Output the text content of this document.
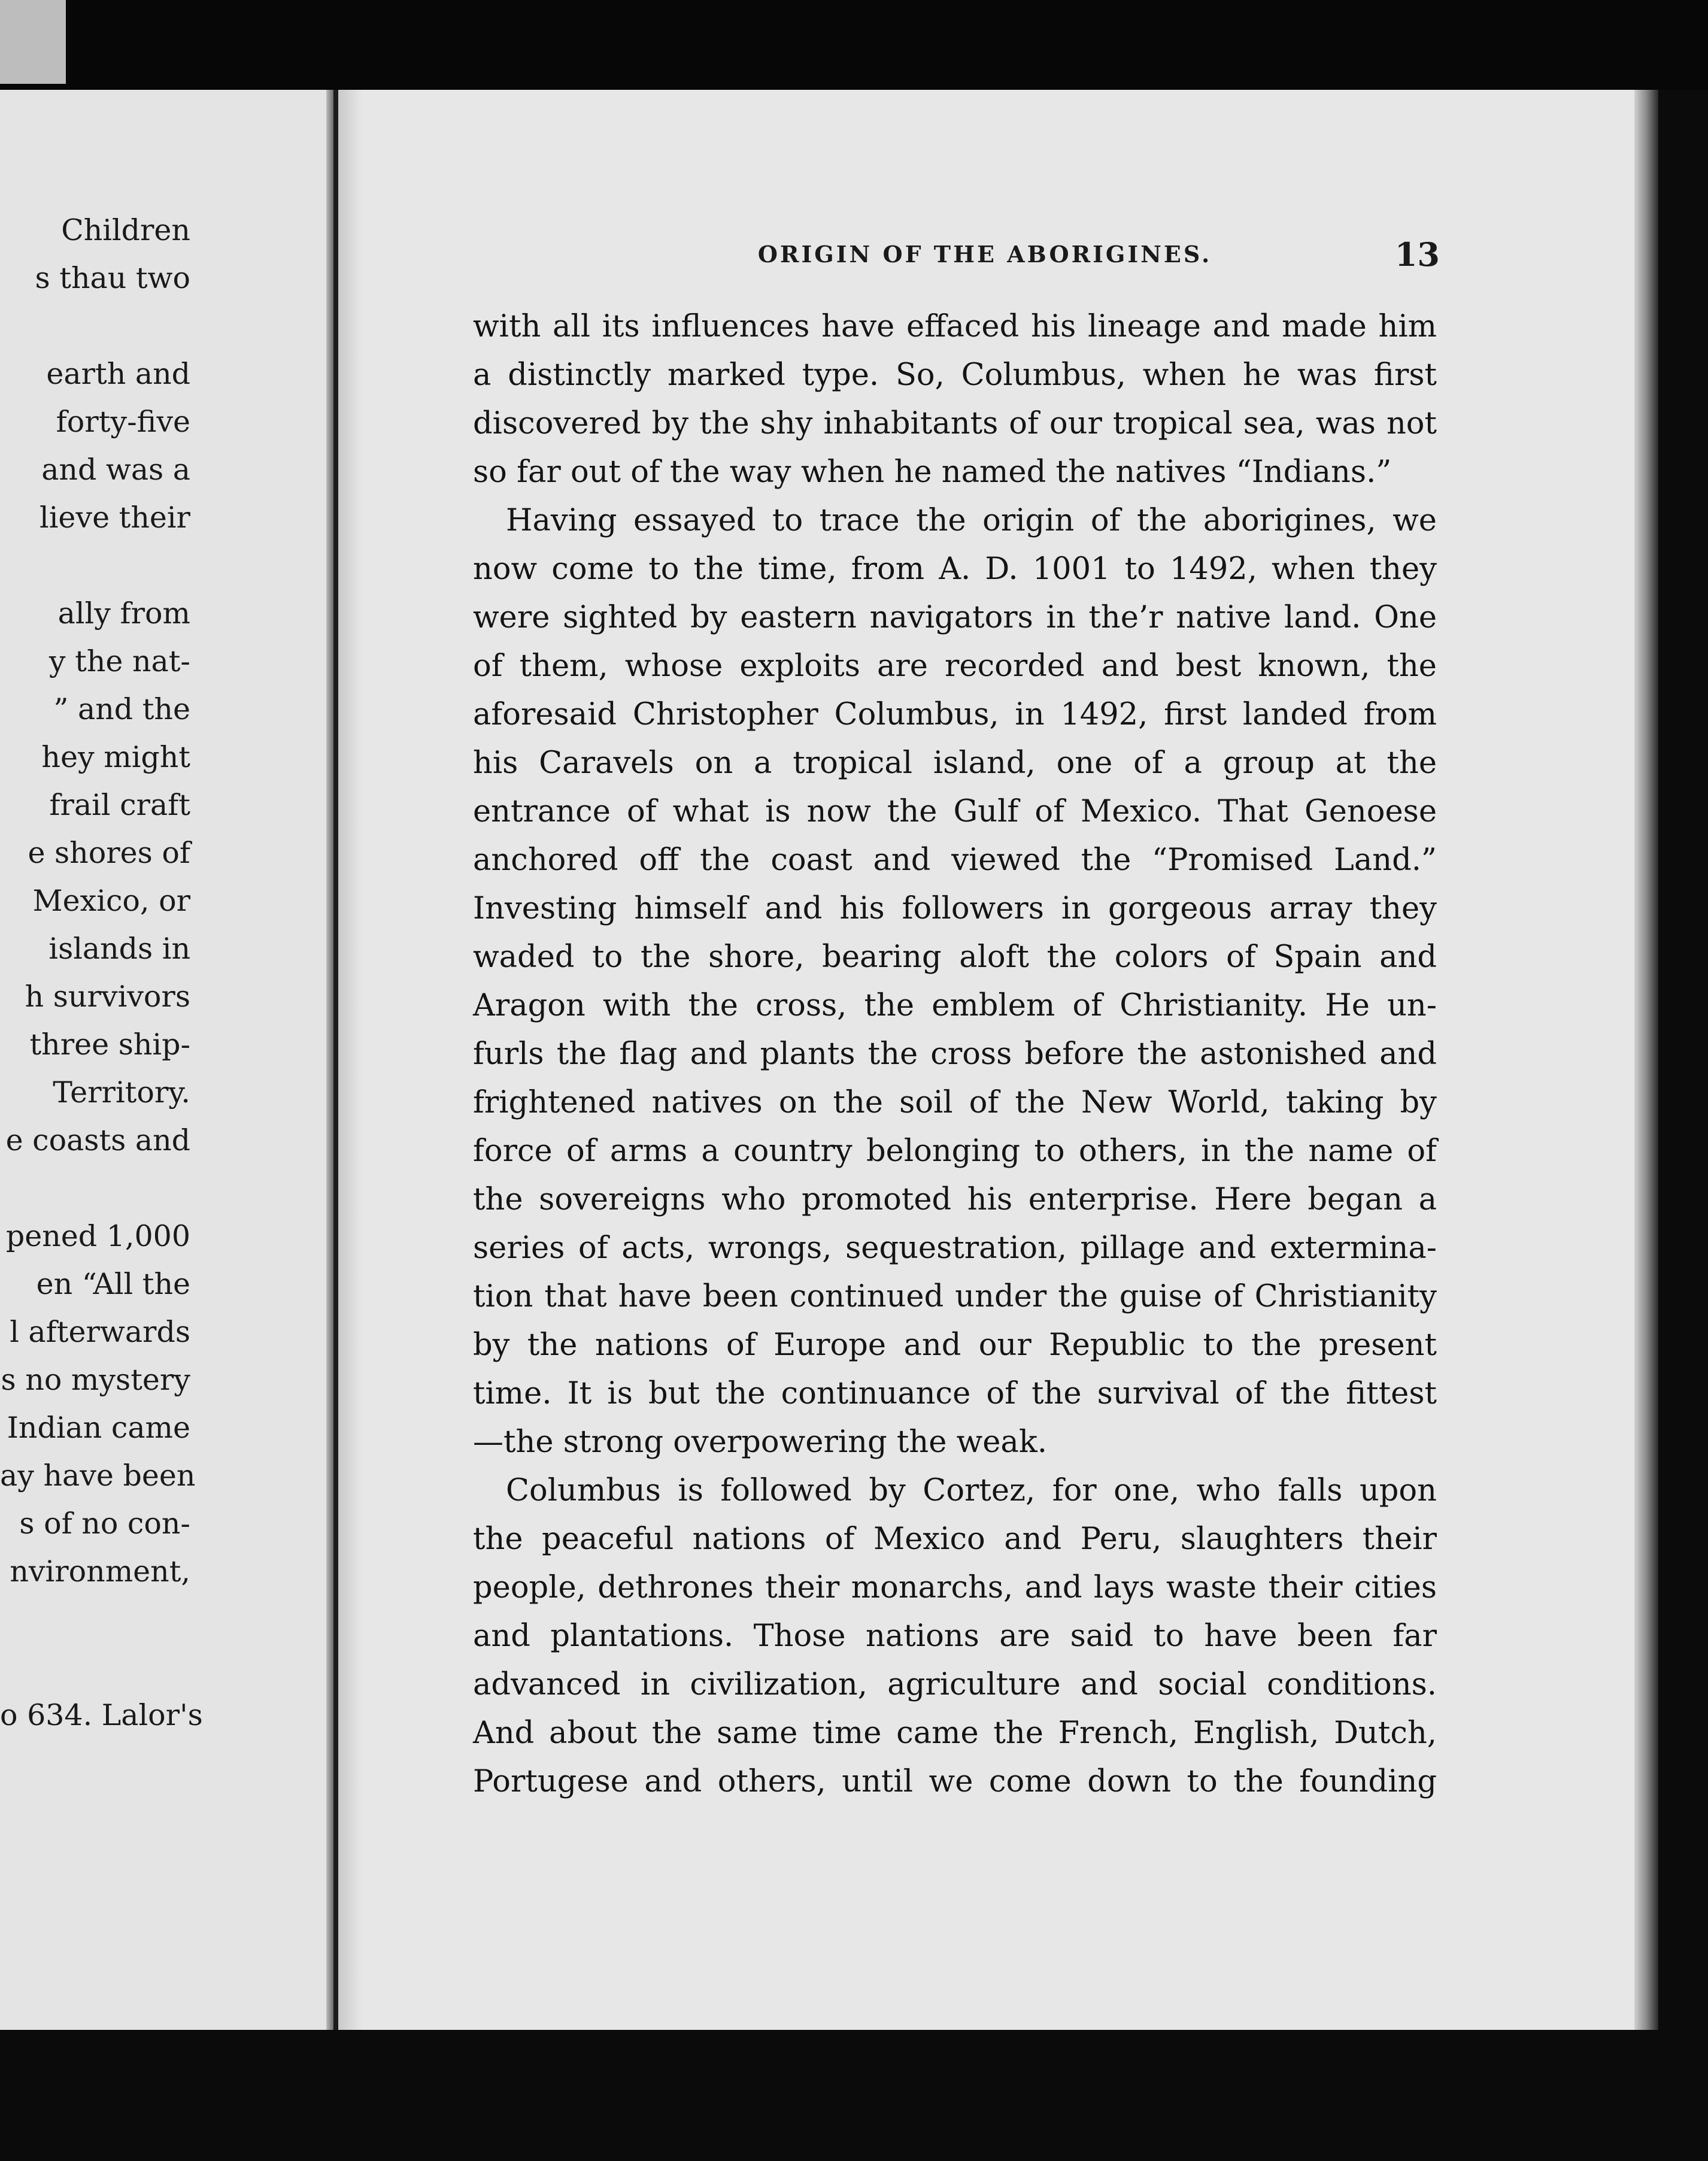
Children
s thau two
earth and
forty-five
and was a
lieve their
ally from
y the nat-
” and the
hey might
frail craft
e shores of
Mexico, or
islands in
h survivors
three ship-
Territory.
e coasts and
pened 1,000
en “All the
l afterwards
s no mystery
Indian came
ay have been
s of no con-
nvironment,
o 634. Lalor's
ORIGIN OF THE ABORIGINES.	13
with all its influences have effaced his lineage and made him
a distinctly marked type. So, Columbus, when he was first
discovered by the shy inhabitants of our tropical sea, was not
so far out of the way when he named the natives “Indians.”
Having essayed to trace the origin of the aborigines, we
now come to the time, from A. D. 1001 to 1492, when they
were sighted by eastern navigators in the’r native land. One
of them, whose exploits are recorded and best known, the
aforesaid Christopher Columbus, in 1492, first landed from
his Caravels on a tropical island, one of a group at the
entrance of what is now the Gulf of Mexico. That Genoese
anchored off the coast and viewed the “Promised Land.”
Investing himself and his followers in gorgeous array they
waded to the shore, bearing aloft the colors of Spain and
Aragon with the cross, the emblem of Christianity. He un-
furls the flag and plants the cross before the astonished and
frightened natives on the soil of the New World, taking by
force of arms a country belonging to others, in the name of
the sovereigns who promoted his enterprise. Here began a
series of acts, wrongs, sequestration, pillage and extermina-
tion that have been continued under the guise of Christianity
by the nations of Europe and our Republic to the present
time. It is but the continuance of the survival of the fittest
—the strong overpowering the weak.
Columbus is followed by Cortez, for one, who falls upon
the peaceful nations of Mexico and Peru, slaughters their
people, dethrones their monarchs, and lays waste their cities
and plantations. Those nations are said to have been far
advanced in civilization, agriculture and social conditions.
And about the same time came the French, English, Dutch,
Portugese and others, until we come down to the founding
